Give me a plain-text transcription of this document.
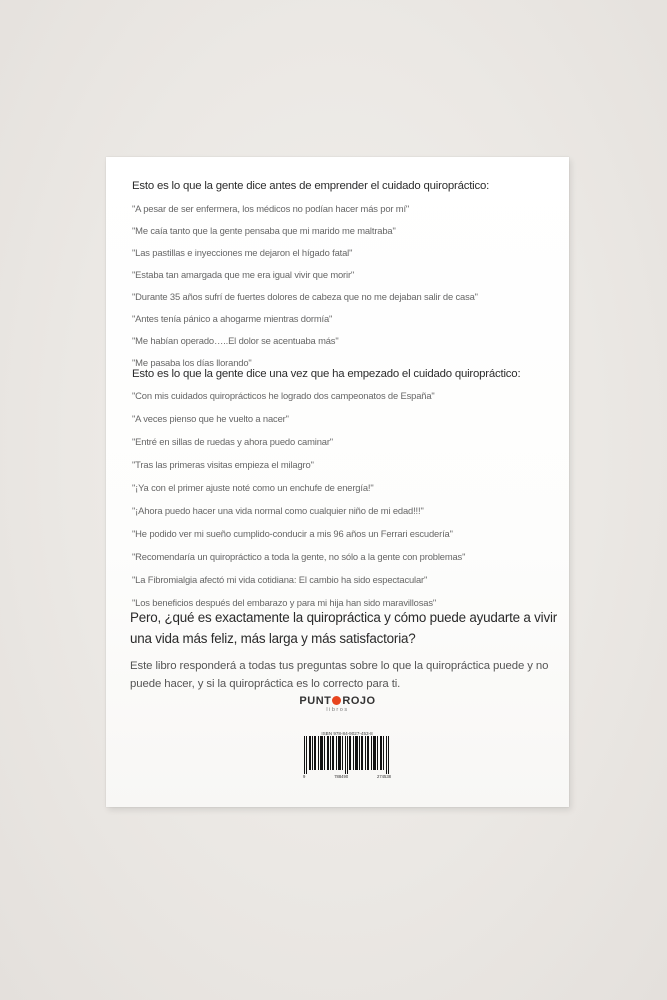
Esto es lo que la gente dice antes de emprender el cuidado quiropráctico:
"A pesar de ser enfermera, los médicos no podían hacer más por mí"
"Me caía tanto que la gente pensaba que mi marido me maltraba"
"Las pastillas e inyecciones me dejaron el hígado fatal"
"Estaba tan amargada que me era igual vivir que morir"
"Durante 35 años sufrí de fuertes dolores de cabeza que no me dejaban salir de casa"
"Antes tenía pánico a ahogarme mientras dormía"
"Me habían operado…..El dolor se acentuaba más"
"Me pasaba los días llorando"
Esto es lo que la gente dice una vez que ha empezado el cuidado quiropráctico:
"Con mis cuidados quiroprácticos he logrado dos campeonatos de España"
"A veces pienso que he vuelto a nacer"
"Entré en sillas de ruedas y ahora puedo caminar"
"Tras las primeras visitas empieza el milagro"
"¡Ya con el primer ajuste noté como un enchufe de energía!"
"¡Ahora puedo hacer una vida normal como cualquier niño de mi edad!!!"
"He podido ver mi sueño cumplido-conducir a mis 96 años un Ferrari escudería"
"Recomendaría un quiropráctico a toda la gente, no sólo a la gente con problemas"
"La Fibromialgia afectó mi vida cotidiana: El cambio ha sido espectacular"
"Los beneficios después del embarazo y para mi hija han sido maravillosas"
Pero, ¿qué es exactamente la quiropráctica y cómo puede ayudarte a vivir una vida más feliz, más larga y más satisfactoria?
Este libro responderá a todas tus preguntas sobre lo que la quiropráctica puede y no puede hacer, y si la quiropráctica es lo correcto para ti.
PUNT ROJO
libros
ISBN 978-84-9027-453-8
9	788490	274538
